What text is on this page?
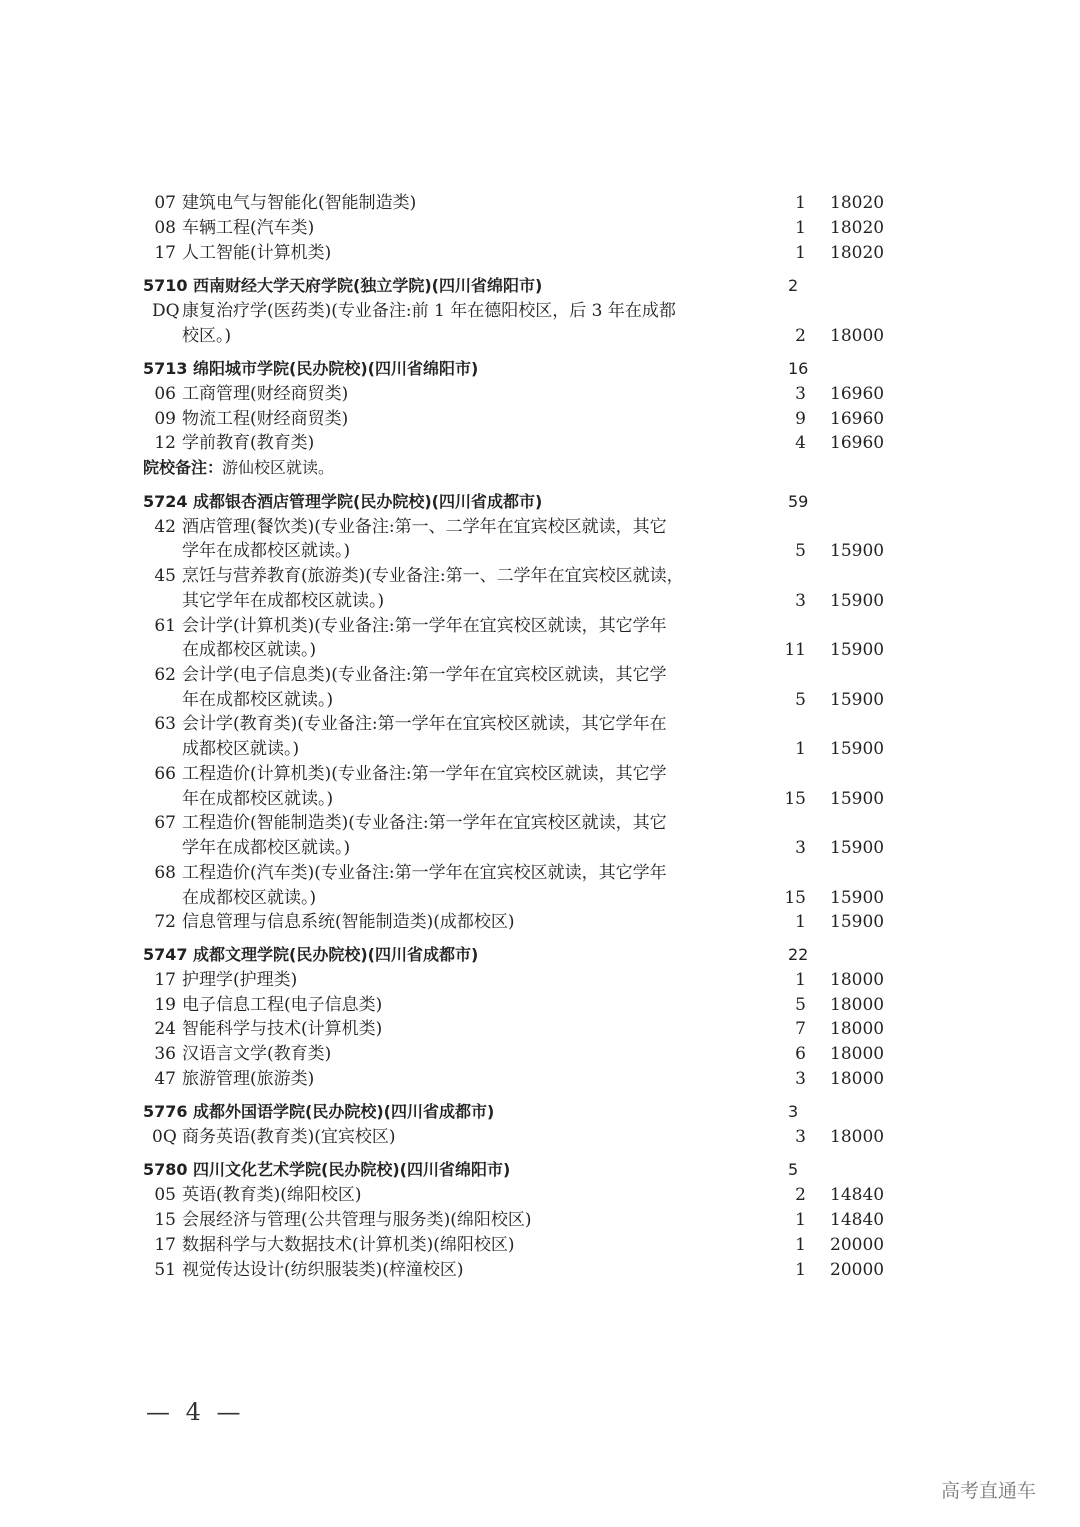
07 建筑电气与智能化(智能制造类)	1 18020
08 车辆工程(汽车类)	1 18020
17 人工智能(计算机类)	1 18020
5710 西南财经大学天府学院(独立学院)(四川省绵阳市)	2
DQ 康复治疗学(医药类)(专业备注:前 1 年在德阳校区，后 3 年在成都
校区。)	2 18000
5713 绵阳城市学院(民办院校)(四川省绵阳市)	16
06 工商管理(财经商贸类)	3 16960
09 物流工程(财经商贸类)	9 16960
12 学前教育(教育类)	4 16960
院校备注：
游仙校区就读。
5724 成都银杏酒店管理学院(民办院校)(四川省成都市)	59
42 酒店管理(餐饮类)(专业备注:第一、二学年在宜宾校区就读，其它
学年在成都校区就读。)	5 15900
45 烹饪与营养教育(旅游类)(专业备注:第一、二学年在宜宾校区就读，
其它学年在成都校区就读。)	3 15900
61 会计学(计算机类)(专业备注:第一学年在宜宾校区就读，其它学年
在成都校区就读。)	11 15900
62 会计学(电子信息类)(专业备注:第一学年在宜宾校区就读，其它学
年在成都校区就读。)	5 15900
63 会计学(教育类)(专业备注:第一学年在宜宾校区就读，其它学年在
成都校区就读。)	1 15900
66 工程造价(计算机类)(专业备注:第一学年在宜宾校区就读，其它学
年在成都校区就读。)	15 15900
67 工程造价(智能制造类)(专业备注:第一学年在宜宾校区就读，其它
学年在成都校区就读。)	3 15900
68 工程造价(汽车类)(专业备注:第一学年在宜宾校区就读，其它学年
在成都校区就读。)	15 15900
72 信息管理与信息系统(智能制造类)(成都校区)	1 15900
5747 成都文理学院(民办院校)(四川省成都市)	22
17 护理学(护理类)	1 18000
19 电子信息工程(电子信息类)	5 18000
24 智能科学与技术(计算机类)	7 18000
36 汉语言文学(教育类)	6 18000
47 旅游管理(旅游类)	3 18000
5776 成都外国语学院(民办院校)(四川省成都市)	3
0Q 商务英语(教育类)(宜宾校区)	3 18000
5780 四川文化艺术学院(民办院校)(四川省绵阳市)	5
05 英语(教育类)(绵阳校区)	2 14840
15 会展经济与管理(公共管理与服务类)(绵阳校区)	1 14840
17 数据科学与大数据技术(计算机类)(绵阳校区)	1 20000
51 视觉传达设计(纺织服装类)(梓潼校区)	1 20000
— 4 —
高考直通车
